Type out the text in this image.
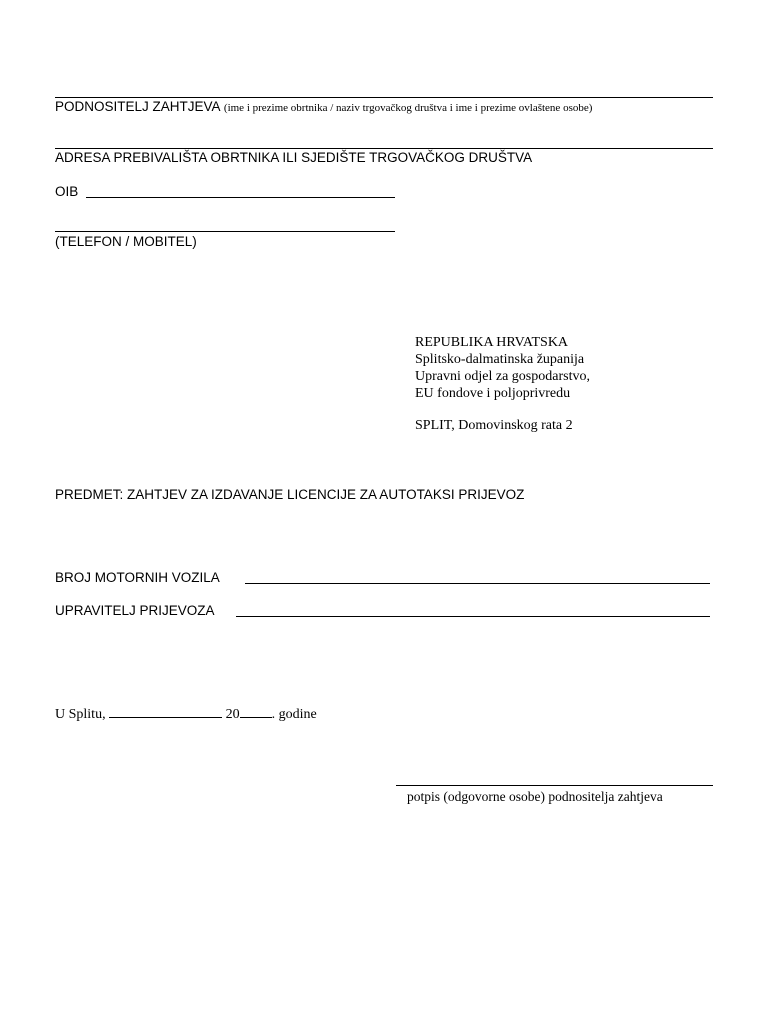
PODNOSITELJ ZAHTJEVA (ime i prezime obrtnika / naziv trgovačkog društva i ime i prezime ovlaštene osobe)
ADRESA PREBIVALIŠTA OBRTNIKA ILI SJEDIŠTE TRGOVAČKOG DRUŠTVA
OIB
(TELEFON / MOBITEL)
REPUBLIKA HRVATSKA
Splitsko-dalmatinska županija
Upravni odjel za gospodarstvo,
EU fondove i poljoprivredu
SPLIT, Domovinskog rata 2
PREDMET: ZAHTJEV ZA IZDAVANJE LICENCIJE ZA AUTOTAKSI PRIJEVOZ
BROJ MOTORNIH VOZILA
UPRAVITELJ PRIJEVOZA
U Splitu,	20 . godine
potpis (odgovorne osobe) podnositelja zahtjeva
